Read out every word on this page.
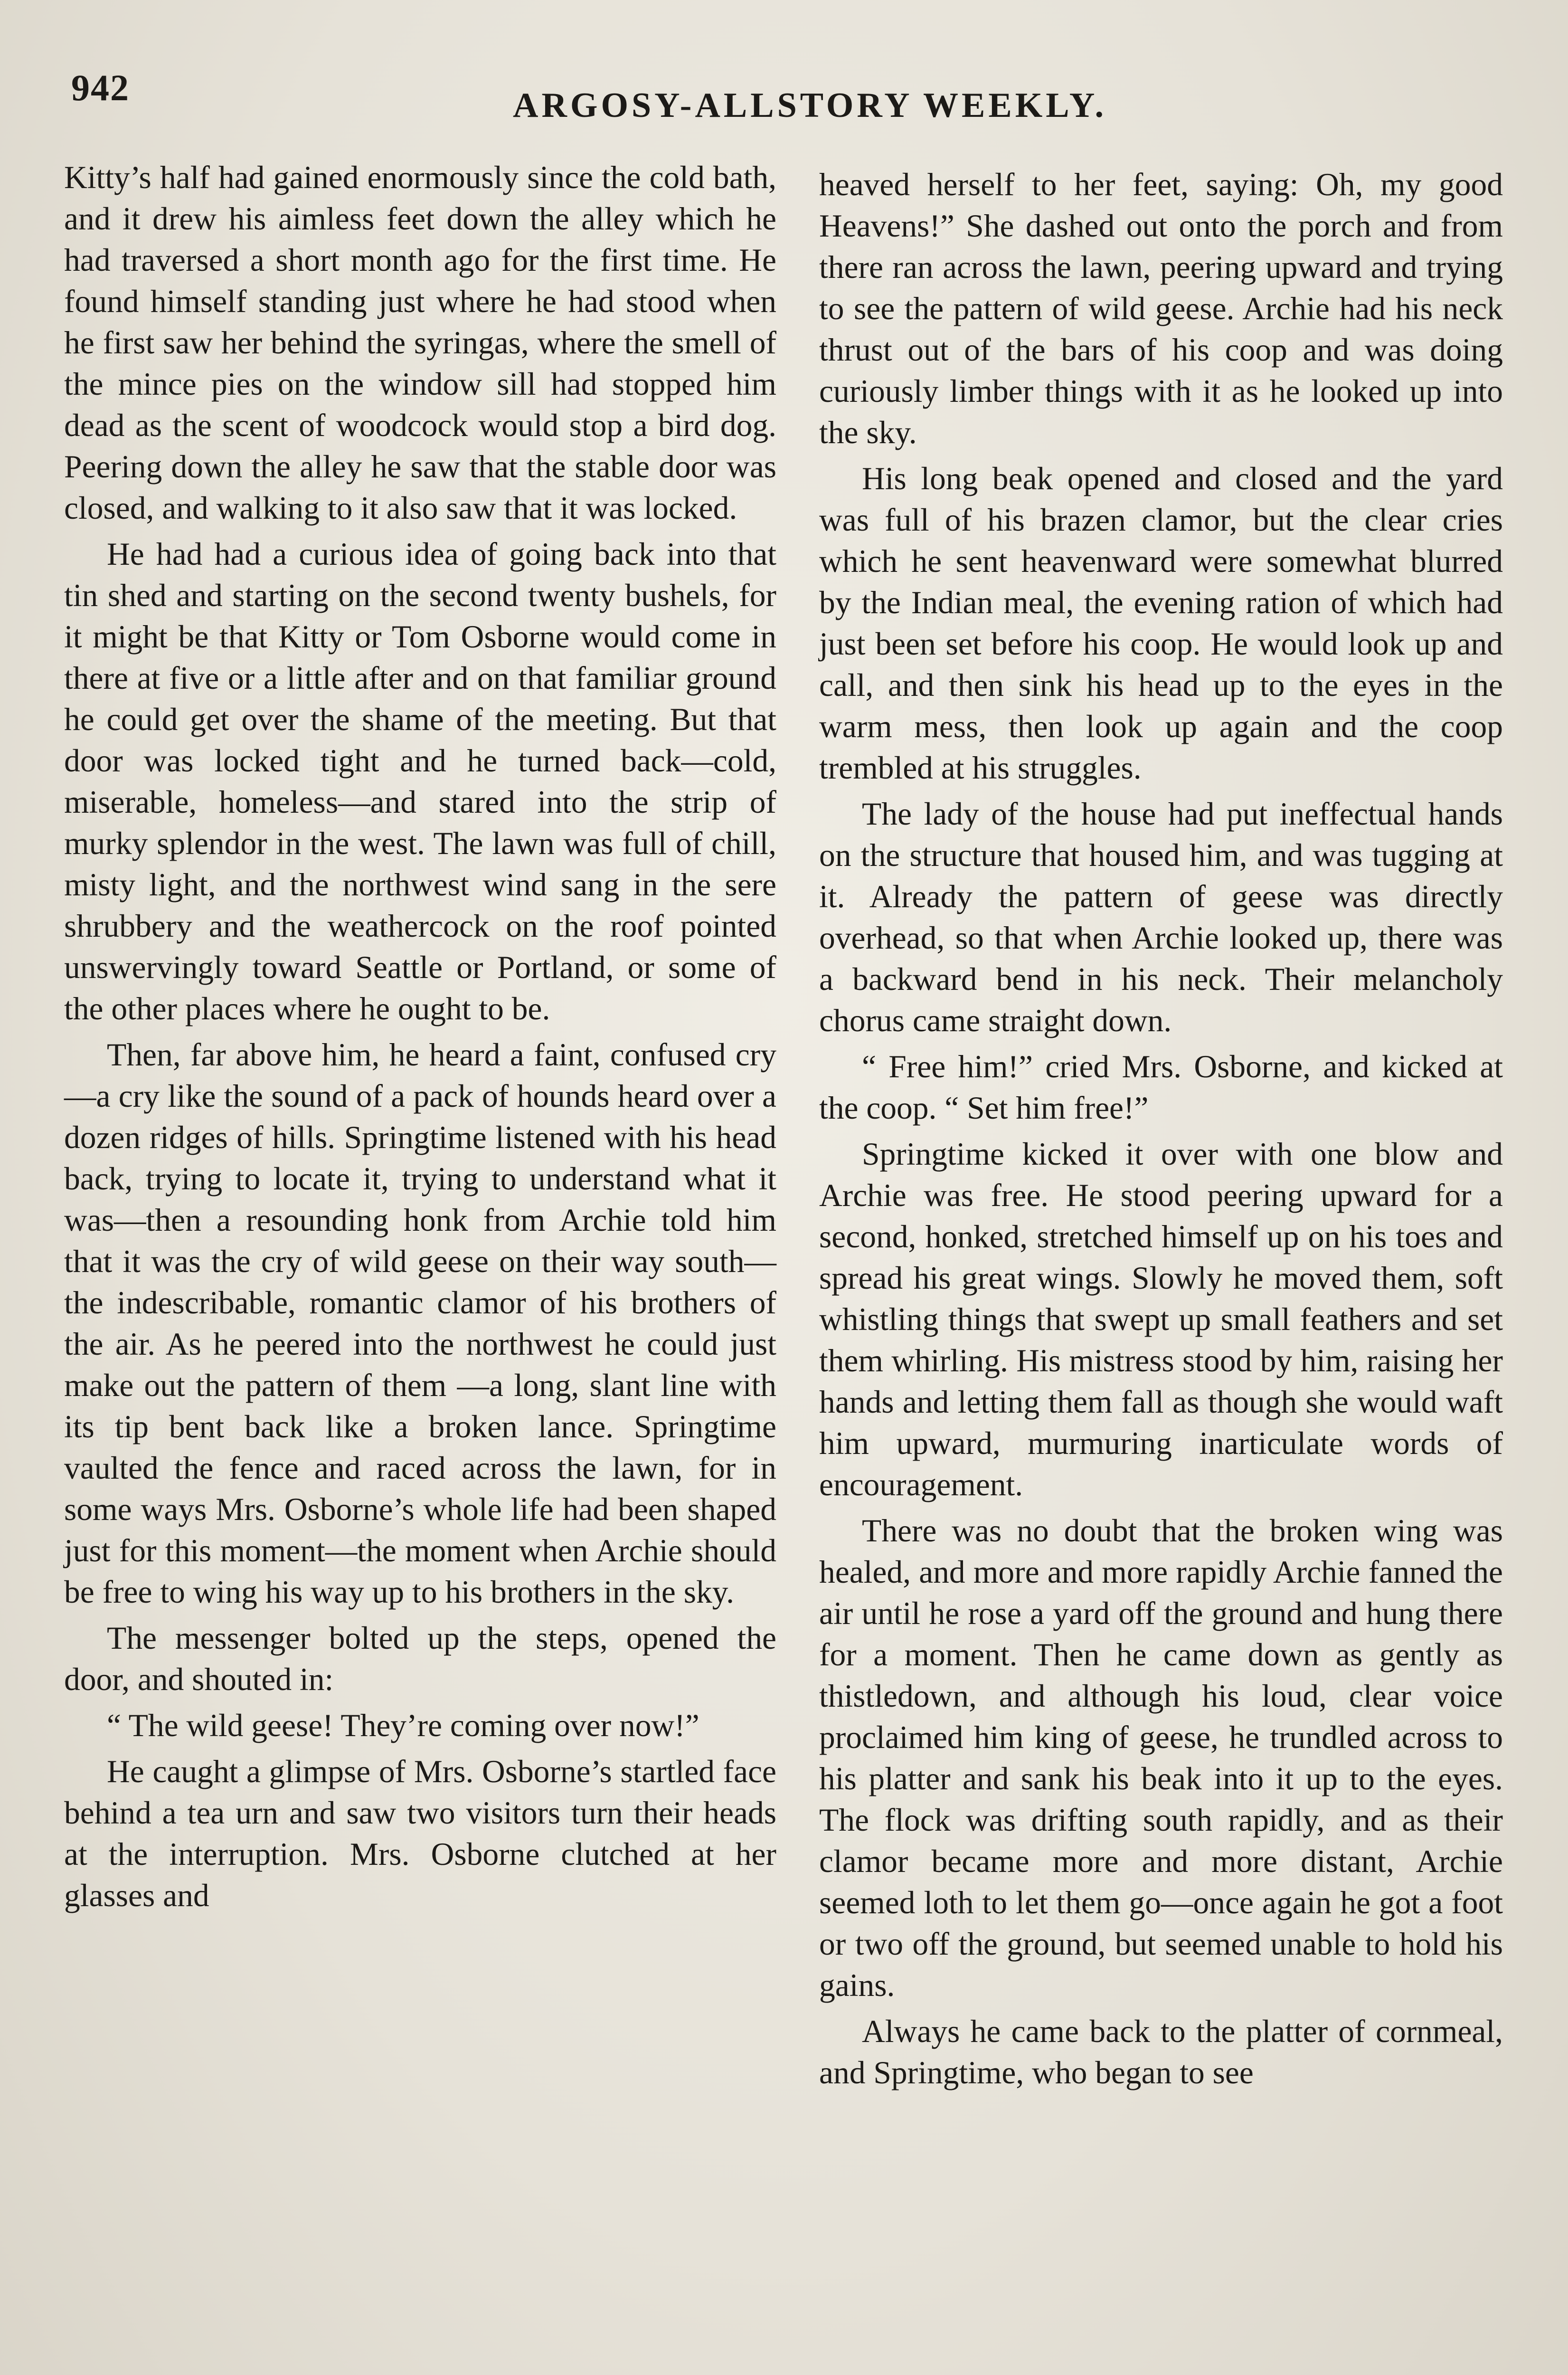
942	ARGOSY-ALLSTORY WEEKLY.

Kitty’s half had gained enormously since the cold bath, and it drew his aimless feet down the alley which he had traversed a short month ago for the first time. He found himself standing just where he had stood when he first saw her behind the syringas, where the smell of the mince pies on the window sill had stopped him dead as the scent of woodcock would stop a bird dog. Peering down the alley he saw that the stable door was closed, and walking to it also saw that it was locked.

He had had a curious idea of going back into that tin shed and starting on the second twenty bushels, for it might be that Kitty or Tom Osborne would come in there at five or a little after and on that familiar ground he could get over the shame of the meeting. But that door was locked tight and he turned back—cold, miserable, homeless—and stared into the strip of murky splendor in the west. The lawn was full of chill, misty light, and the northwest wind sang in the sere shrubbery and the weathercock on the roof pointed unswervingly toward Seattle or Portland, or some of the other places where he ought to be.

Then, far above him, he heard a faint, confused cry—a cry like the sound of a pack of hounds heard over a dozen ridges of hills. Springtime listened with his head back, trying to locate it, trying to understand what it was—then a resounding honk from Archie told him that it was the cry of wild geese on their way south—the indescribable, romantic clamor of his brothers of the air. As he peered into the northwest he could just make out the pattern of them —a long, slant line with its tip bent back like a broken lance. Springtime vaulted the fence and raced across the lawn, for in some ways Mrs. Osborne’s whole life had been shaped just for this moment—the moment when Archie should be free to wing his way up to his brothers in the sky.

The messenger bolted up the steps, opened the door, and shouted in:

“ The wild geese! They’re coming over now!”

He caught a glimpse of Mrs. Osborne’s startled face behind a tea urn and saw two visitors turn their heads at the interruption. Mrs. Osborne clutched at her glasses and

heaved herself to her feet, saying: Oh, my good Heavens!” She dashed out onto the porch and from there ran across the lawn, peering upward and trying to see the pattern of wild geese. Archie had his neck thrust out of the bars of his coop and was doing curiously limber things with it as he looked up into the sky.

His long beak opened and closed and the yard was full of his brazen clamor, but the clear cries which he sent heavenward were somewhat blurred by the Indian meal, the evening ration of which had just been set before his coop. He would look up and call, and then sink his head up to the eyes in the warm mess, then look up again and the coop trembled at his struggles.

The lady of the house had put ineffectual hands on the structure that housed him, and was tugging at it. Already the pattern of geese was directly overhead, so that when Archie looked up, there was a backward bend in his neck. Their melancholy chorus came straight down.

“ Free him!” cried Mrs. Osborne, and kicked at the coop. “ Set him free!”

Springtime kicked it over with one blow and Archie was free. He stood peering upward for a second, honked, stretched himself up on his toes and spread his great wings. Slowly he moved them, soft whistling things that swept up small feathers and set them whirling. His mistress stood by him, raising her hands and letting them fall as though she would waft him upward, murmuring inarticulate words of encouragement.

There was no doubt that the broken wing was healed, and more and more rapidly Archie fanned the air until he rose a yard off the ground and hung there for a moment. Then he came down as gently as thistledown, and although his loud, clear voice proclaimed him king of geese, he trundled across to his platter and sank his beak into it up to the eyes. The flock was drifting south rapidly, and as their clamor became more and more distant, Archie seemed loth to let them go—once again he got a foot or two off the ground, but seemed unable to hold his gains.

Always he came back to the platter of cornmeal, and Springtime, who began to see
